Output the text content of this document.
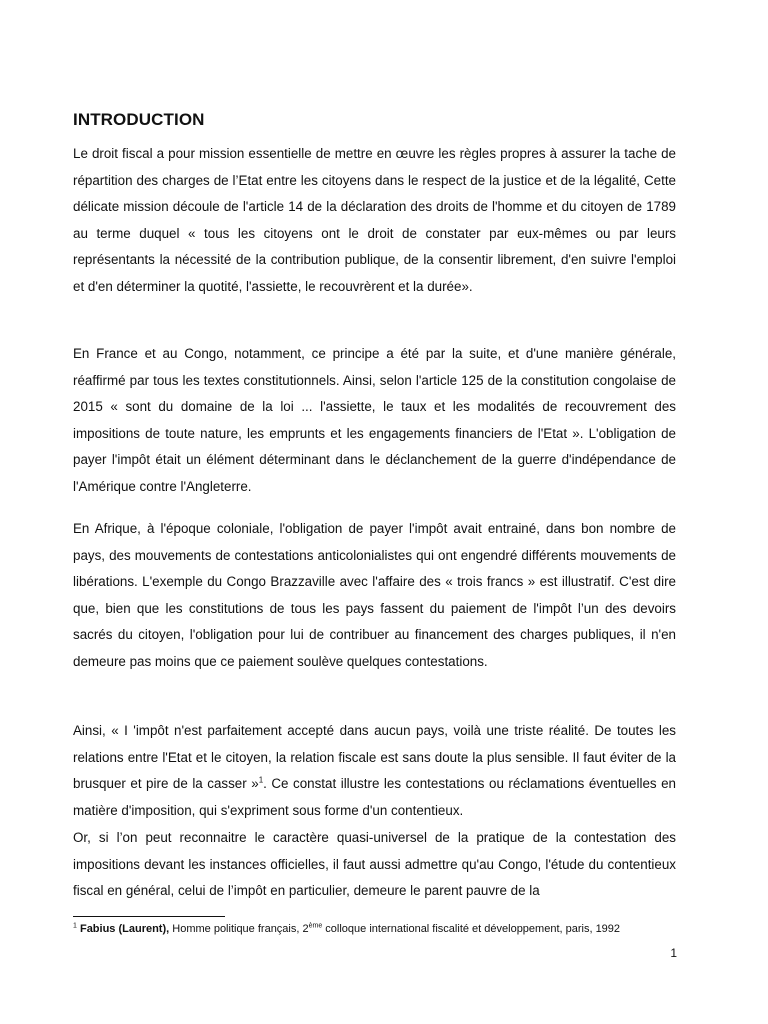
INTRODUCTION

Le droit fiscal a pour mission essentielle de mettre en œuvre les règles propres à assurer la tache de répartition des charges de l’Etat entre les citoyens dans le respect de la justice et de la légalité, Cette délicate mission découle de l'article 14 de la déclaration des droits de l'homme et du citoyen de 1789 au terme duquel « tous les citoyens ont le droit de constater par eux-mêmes ou par leurs représentants la nécessité de la contribution publique, de la consentir librement, d'en suivre l'emploi et d'en déterminer la quotité, l'assiette, le recouvrèrent et la durée».

En France et au Congo, notamment, ce principe a été par la suite, et d'une manière générale, réaffirmé par tous les textes constitutionnels. Ainsi, selon l'article 125 de la constitution congolaise de 2015 « sont du domaine de la loi ... l'assiette, le taux et les modalités de recouvrement des impositions de toute nature, les emprunts et les engagements financiers de l'Etat ». L'obligation de payer l'impôt était un élément déterminant dans le déclanchement de la guerre d'indépendance de l'Amérique contre l'Angleterre.

En Afrique, à l'époque coloniale, l'obligation de payer l'impôt avait entrainé, dans bon nombre de pays, des mouvements de contestations anticolonialistes qui ont engendré différents mouvements de libérations. L'exemple du Congo Brazzaville avec l'affaire des « trois francs » est illustratif. C'est dire que, bien que les constitutions de tous les pays fassent du paiement de l'impôt l’un des devoirs sacrés du citoyen, l'obligation pour lui de contribuer au financement des charges publiques, il n'en demeure pas moins que ce paiement soulève quelques contestations.

Ainsi, « I 'impôt n'est parfaitement accepté dans aucun pays, voilà une triste réalité. De toutes les relations entre l'Etat et le citoyen, la relation fiscale est sans doute la plus sensible. Il faut éviter de la brusquer et pire de la casser »$^1$. Ce constat illustre les contestations ou réclamations éventuelles en matière d'imposition, qui s'expriment sous forme d'un contentieux.

Or, si l’on peut reconnaitre le caractère quasi-universel de la pratique de la contestation des impositions devant les instances officielles, il faut aussi admettre qu'au Congo, l'étude du contentieux fiscal en général, celui de l’impôt en particulier, demeure le parent pauvre de la

$^1$ Fabius (Laurent), Homme politique français, 2ème colloque international fiscalité et développement, paris, 1992

1
